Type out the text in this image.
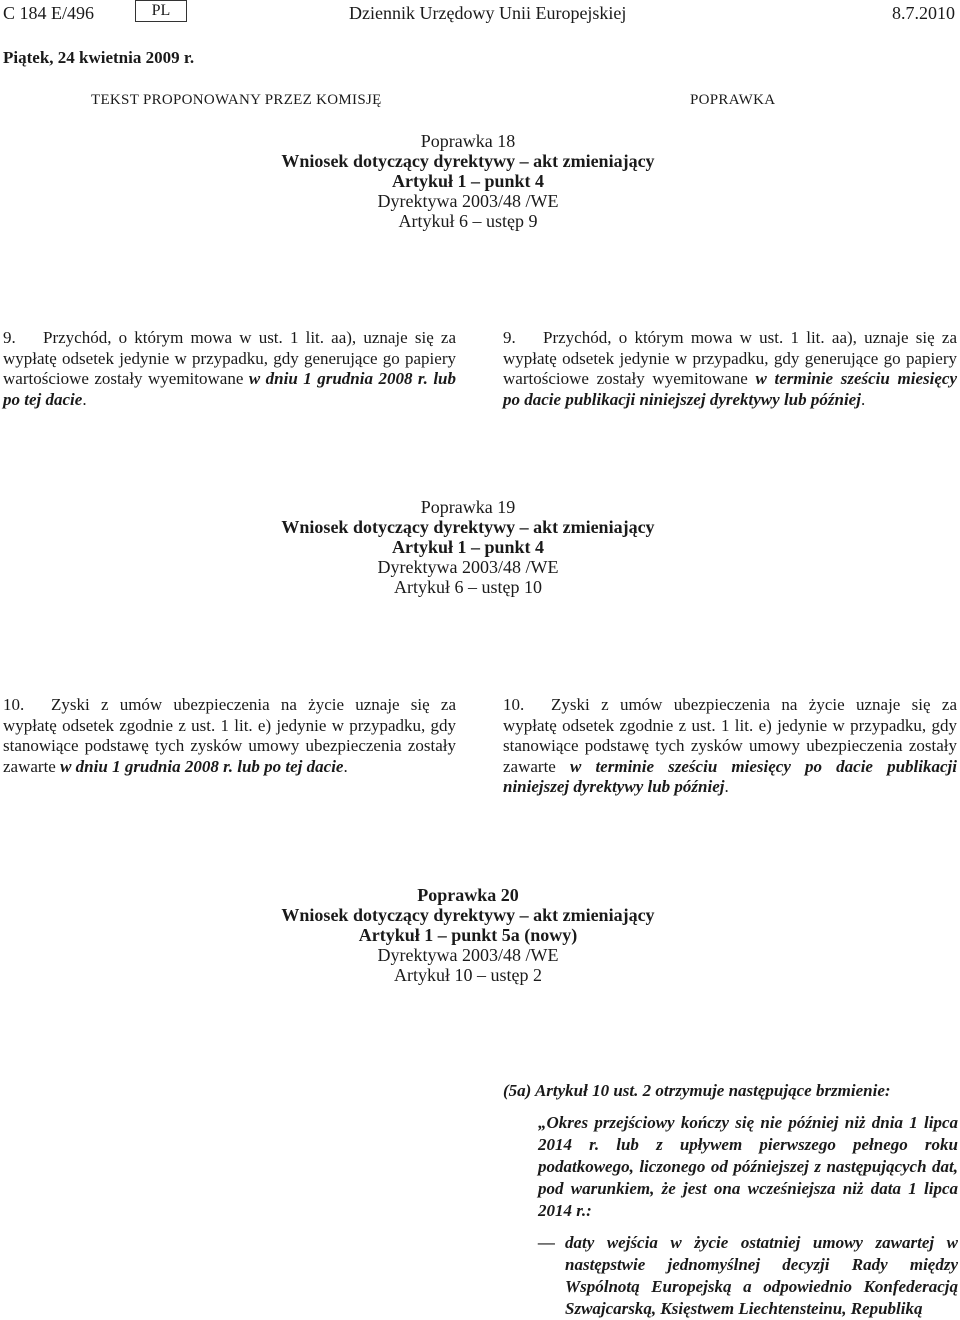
C 184 E/496	PL	Dziennik Urzędowy Unii Europejskiej	8.7.2010
Piątek, 24 kwietnia 2009 r.
TEKST PROPONOWANY PRZEZ KOMISJĘ	POPRAWKA
Poprawka 18
Wniosek dotyczący dyrektywy – akt zmieniający
Artykuł 1 – punkt 4
Dyrektywa 2003/48 /WE
Artykuł 6 – ustęp 9
9. Przychód, o którym mowa w ust. 1 lit. aa), uznaje się za wypłatę odsetek jedynie w przypadku, gdy generujące go papiery wartościowe zostały wyemitowane w dniu 1 grudnia 2008 r. lub po tej dacie.
9. Przychód, o którym mowa w ust. 1 lit. aa), uznaje się za wypłatę odsetek jedynie w przypadku, gdy generujące go papiery wartościowe zostały wyemitowane w terminie sześciu miesięcy po dacie publikacji niniejszej dyrektywy lub później.
Poprawka 19
Wniosek dotyczący dyrektywy – akt zmieniający
Artykuł 1 – punkt 4
Dyrektywa 2003/48 /WE
Artykuł 6 – ustęp 10
10. Zyski z umów ubezpieczenia na życie uznaje się za wypłatę odsetek zgodnie z ust. 1 lit. e) jedynie w przypadku, gdy stanowiące podstawę tych zysków umowy ubezpieczenia zostały zawarte w dniu 1 grudnia 2008 r. lub po tej dacie.
10. Zyski z umów ubezpieczenia na życie uznaje się za wypłatę odsetek zgodnie z ust. 1 lit. e) jedynie w przypadku, gdy stanowiące podstawę tych zysków umowy ubezpieczenia zostały zawarte w terminie sześciu miesięcy po dacie publikacji niniejszej dyrektywy lub później.
Poprawka 20
Wniosek dotyczący dyrektywy – akt zmieniający
Artykuł 1 – punkt 5a (nowy)
Dyrektywa 2003/48 /WE
Artykuł 10 – ustęp 2
(5a) Artykuł 10 ust. 2 otrzymuje następujące brzmienie:
„Okres przejściowy kończy się nie później niż dnia 1 lipca 2014 r. lub z upływem pierwszego pełnego roku podatkowego, liczonego od późniejszej z następujących dat, pod warunkiem, że jest ona wcześniejsza niż data 1 lipca 2014 r.:
— daty wejścia w życie ostatniej umowy zawartej w następstwie jednomyślnej decyzji Rady między Wspólnotą Europejską a odpowiednio Konfederacją Szwajcarską, Księstwem Liechtensteinu, Republiką
